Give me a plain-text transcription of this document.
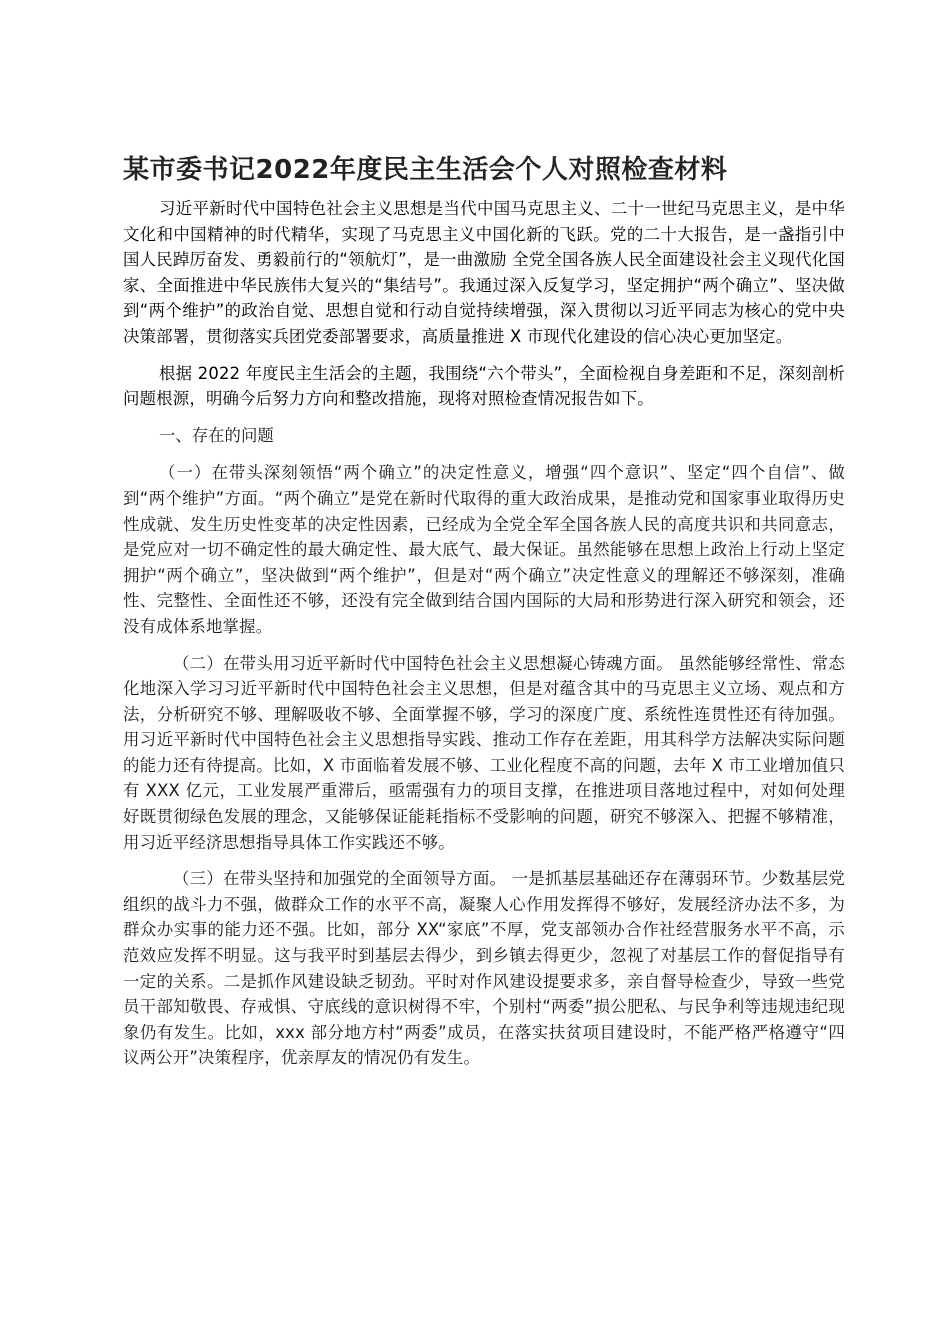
某市委书记2022年度民主生活会个人对照检查材料

习近平新时代中国特色社会主义思想是当代中国马克思主义、二十一世纪马克思主义，是中华文化和中国精神的时代精华，实现了马克思主义中国化新的飞跃。党的二十大报告，是一盏指引中国人民踔厉奋发、勇毅前行的“领航灯”，是一曲激励 全党全国各族人民全面建设社会主义现代化国家、全面推进中华民族伟大复兴的“集结号”。我通过深入反复学习，坚定拥护“两个确立”、坚决做到“两个维护”的政治自觉、思想自觉和行动自觉持续增强，深入贯彻以习近平同志为核心的党中央决策部署，贯彻落实兵团党委部署要求，高质量推进 X 市现代化建设的信心决心更加坚定。

根据 2022 年度民主生活会的主题，我围绕“六个带头”，全面检视自身差距和不足，深刻剖析问题根源，明确今后努力方向和整改措施，现将对照检查情况报告如下。

一、存在的问题

（一）在带头深刻领悟“两个确立”的决定性意义，增强“四个意识”、坚定“四个自信”、做到“两个维护”方面。“两个确立”是党在新时代取得的重大政治成果，是推动党和国家事业取得历史性成就、发生历史性变革的决定性因素，已经成为全党全军全国各族人民的高度共识和共同意志，是党应对一切不确定性的最大确定性、最大底气、最大保证。虽然能够在思想上政治上行动上坚定拥护“两个确立”，坚决做到“两个维护”，但是对“两个确立”决定性意义的理解还不够深刻，准确性、完整性、全面性还不够，还没有完全做到结合国内国际的大局和形势进行深入研究和领会，还没有成体系地掌握。

（二）在带头用习近平新时代中国特色社会主义思想凝心铸魂方面。 虽然能够经常性、常态化地深入学习习近平新时代中国特色社会主义思想，但是对蕴含其中的马克思主义立场、观点和方法，分析研究不够、理解吸收不够、全面掌握不够，学习的深度广度、系统性连贯性还有待加强。用习近平新时代中国特色社会主义思想指导实践、推动工作存在差距，用其科学方法解决实际问题的能力还有待提高。比如，X 市面临着发展不够、工业化程度不高的问题，去年 X 市工业增加值只有 XXX 亿元，工业发展严重滞后，亟需强有力的项目支撑，在推进项目落地过程中，对如何处理好既贯彻绿色发展的理念，又能够保证能耗指标不受影响的问题，研究不够深入、把握不够精准，用习近平经济思想指导具体工作实践还不够。

（三）在带头坚持和加强党的全面领导方面。 一是抓基层基础还存在薄弱环节。少数基层党组织的战斗力不强，做群众工作的水平不高，凝聚人心作用发挥得不够好，发展经济办法不多，为群众办实事的能力还不强。比如，部分 XX“家底”不厚，党支部领办合作社经营服务水平不高，示范效应发挥不明显。这与我平时到基层去得少，到乡镇去得更少，忽视了对基层工作的督促指导有一定的关系。二是抓作风建设缺乏韧劲。平时对作风建设提要求多，亲自督导检查少，导致一些党员干部知敬畏、存戒惧、守底线的意识树得不牢，个别村“两委”损公肥私、与民争利等违规违纪现象仍有发生。比如，xxx 部分地方村“两委”成员，在落实扶贫项目建设时，不能严格严格遵守“四议两公开”决策程序，优亲厚友的情况仍有发生。
